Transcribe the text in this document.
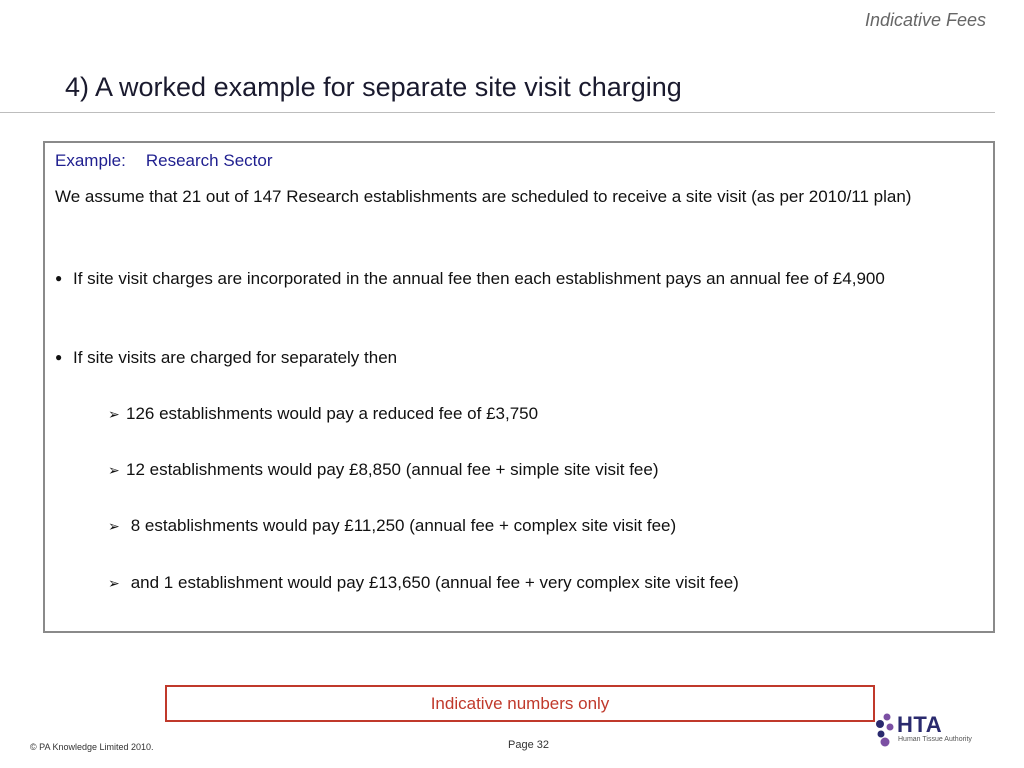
Indicative Fees
4) A worked example for separate site visit charging
Example: Research Sector
We assume that 21 out of 147 Research establishments are scheduled to receive a site visit (as per 2010/11 plan)
● If site visit charges are incorporated in the annual fee then each establishment pays an annual fee of £4,900
● If site visits are charged for separately then
➢ 126 establishments would pay a reduced fee of £3,750
➢ 12 establishments would pay £8,850 (annual fee + simple site visit fee)
➢ 8 establishments would pay £11,250 (annual fee + complex site visit fee)
➢ and 1 establishment would pay £13,650 (annual fee + very complex site visit fee)
Indicative numbers only
© PA Knowledge Limited 2010.	Page 32
HTA
Human Tissue Authority
